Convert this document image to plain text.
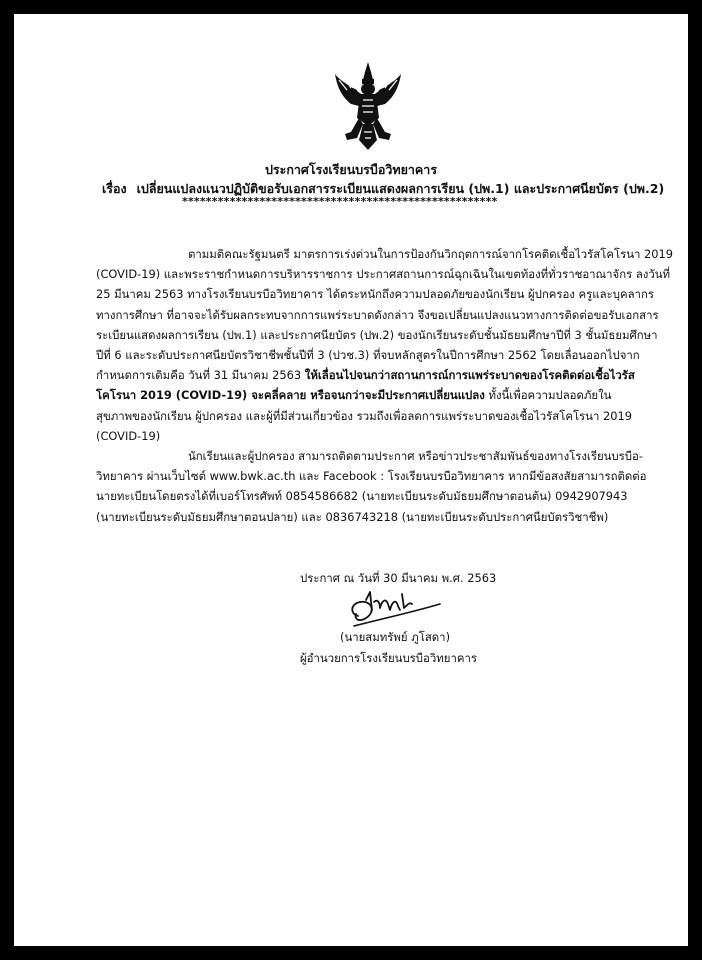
ประกาศโรงเรียนบรบือวิทยาคาร
เรื่อง เปลี่ยนแปลงแนวปฏิบัติขอรับเอกสารระเบียนแสดงผลการเรียน (ปพ.1) และประกาศนียบัตร (ปพ.2)
*****************************************************
ตามมติคณะรัฐมนตรี มาตรการเร่งด่วนในการป้องกันวิกฤตการณ์จากโรคติดเชื้อไวรัสโคโรนา 2019
(COVID-19) และพระราชกำหนดการบริหารราชการ ประกาศสถานการณ์ฉุกเฉินในเขตท้องที่ทั่วราชอาณาจักร ลงวันที่
25 มีนาคม 2563 ทางโรงเรียนบรบือวิทยาคาร ได้ตระหนักถึงความปลอดภัยของนักเรียน ผู้ปกครอง ครูและบุคลากร
ทางการศึกษา ที่อาจจะได้รับผลกระทบจากการแพร่ระบาดดังกล่าว จึงขอเปลี่ยนแปลงแนวทางการติดต่อขอรับเอกสาร
ระเบียนแสดงผลการเรียน (ปพ.1) และประกาศนียบัตร (ปพ.2) ของนักเรียนระดับชั้นมัธยมศึกษาปีที่ 3 ชั้นมัธยมศึกษา
ปีที่ 6 และระดับประกาศนียบัตรวิชาชีพชั้นปีที่ 3 (ปวช.3) ที่จบหลักสูตรในปีการศึกษา 2562 โดยเลื่อนออกไปจาก
กำหนดการเดิมคือ วันที่ 31 มีนาคม 2563 ให้เลื่อนไปจนกว่าสถานการณ์การแพร่ระบาดของโรคติดต่อเชื้อไวรัส
โคโรนา 2019 (COVID-19) จะคลี่คลาย หรือจนกว่าจะมีประกาศเปลี่ยนแปลง ทั้งนี้เพื่อความปลอดภัยใน
สุขภาพของนักเรียน ผู้ปกครอง และผู้ที่มีส่วนเกี่ยวข้อง รวมถึงเพื่อลดการแพร่ระบาดของเชื้อไวรัสโคโรนา 2019
(COVID-19)
นักเรียนและผู้ปกครอง สามารถติดตามประกาศ หรือข่าวประชาสัมพันธ์ของทางโรงเรียนบรบือ-
วิทยาคาร ผ่านเว็บไซต์ www.bwk.ac.th และ Facebook : โรงเรียนบรบือวิทยาคาร หากมีข้อสงสัยสามารถติดต่อ
นายทะเบียนโดยตรงได้ที่เบอร์โทรศัพท์ 0854586682 (นายทะเบียนระดับมัธยมศึกษาตอนต้น) 0942907943
(นายทะเบียนระดับมัธยมศึกษาตอนปลาย) และ 0836743218 (นายทะเบียนระดับประกาศนียบัตรวิชาชีพ)
ประกาศ ณ วันที่ 30 มีนาคม พ.ศ. 2563
(นายสมทรัพย์ ภูโสดา)
ผู้อำนวยการโรงเรียนบรบือวิทยาคาร
